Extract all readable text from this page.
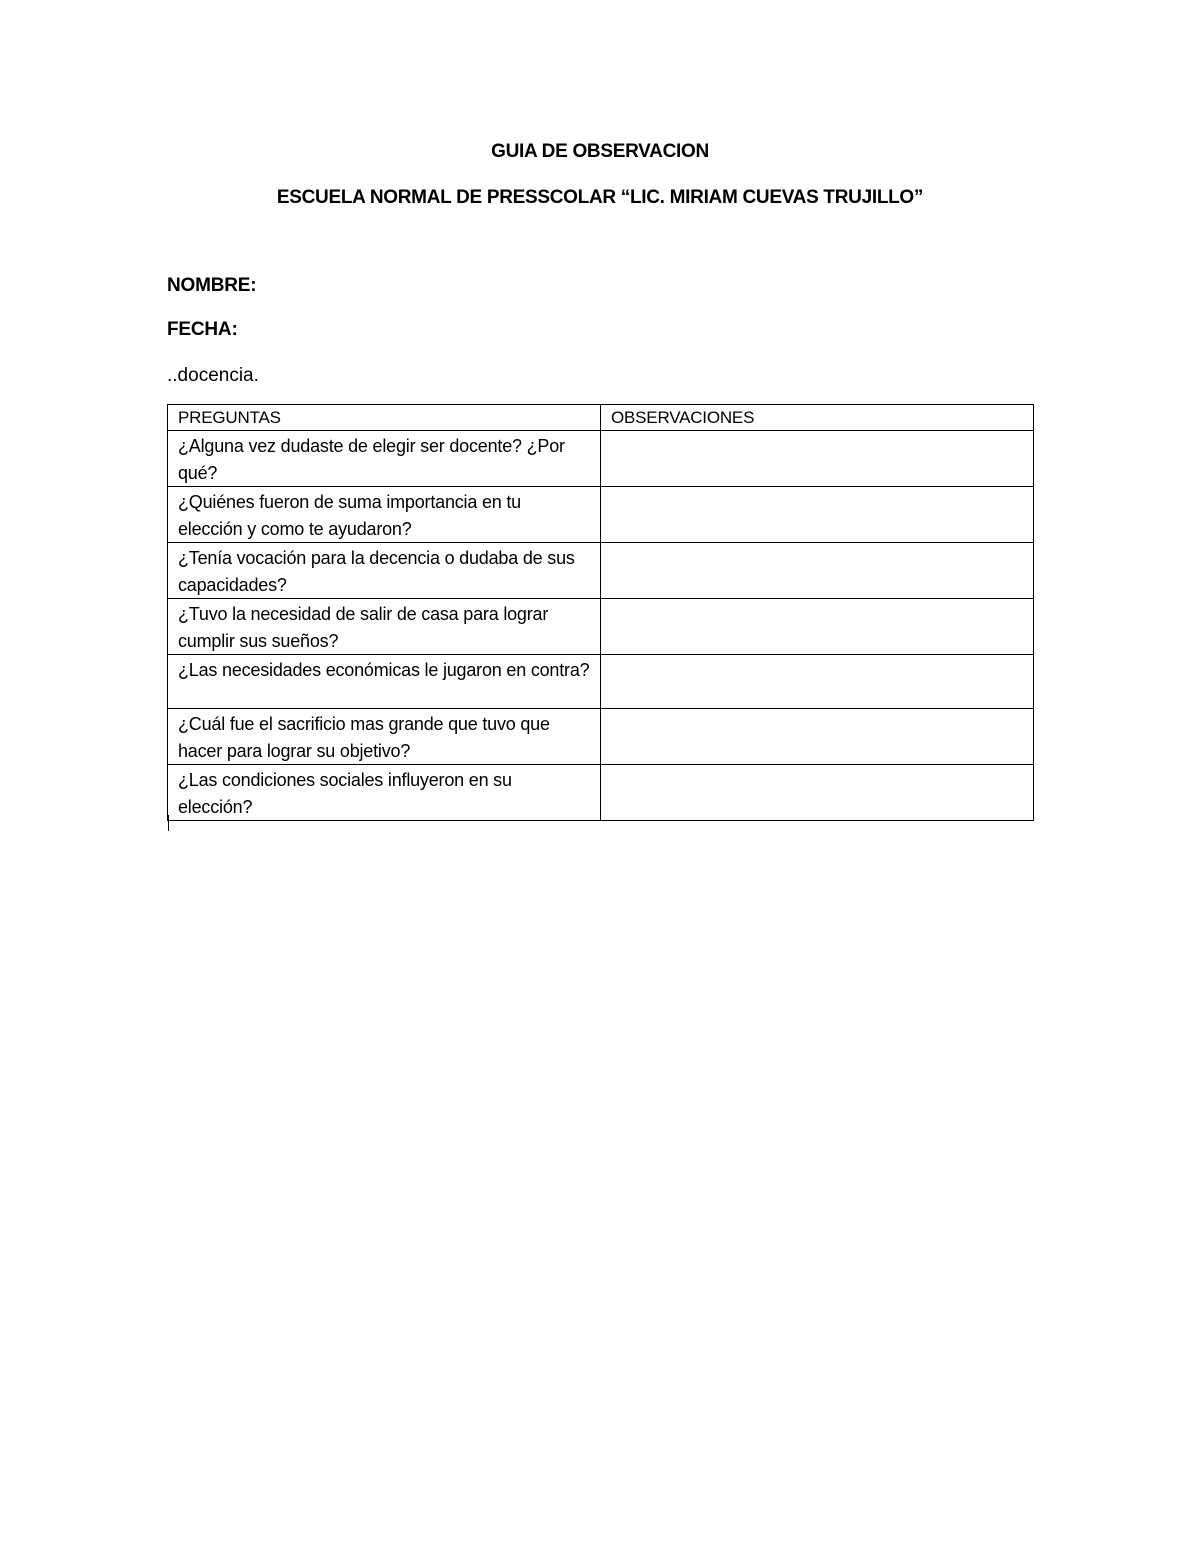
GUIA DE OBSERVACION
ESCUELA NORMAL DE PRESSCOLAR “LIC. MIRIAM CUEVAS TRUJILLO”
NOMBRE:
FECHA:
..docencia.
PREGUNTAS	OBSERVACIONES
¿Alguna vez dudaste de elegir ser docente? ¿Por qué?	
¿Quiénes fueron de suma importancia en tu elección y como te ayudaron?	
¿Tenía vocación para la decencia o dudaba de sus capacidades?	
¿Tuvo la necesidad de salir de casa para lograr cumplir sus sueños?	
¿Las necesidades económicas le jugaron en contra?	
¿Cuál fue el sacrificio mas grande que tuvo que hacer para lograr su objetivo?	
¿Las condiciones sociales influyeron en su elección?	
